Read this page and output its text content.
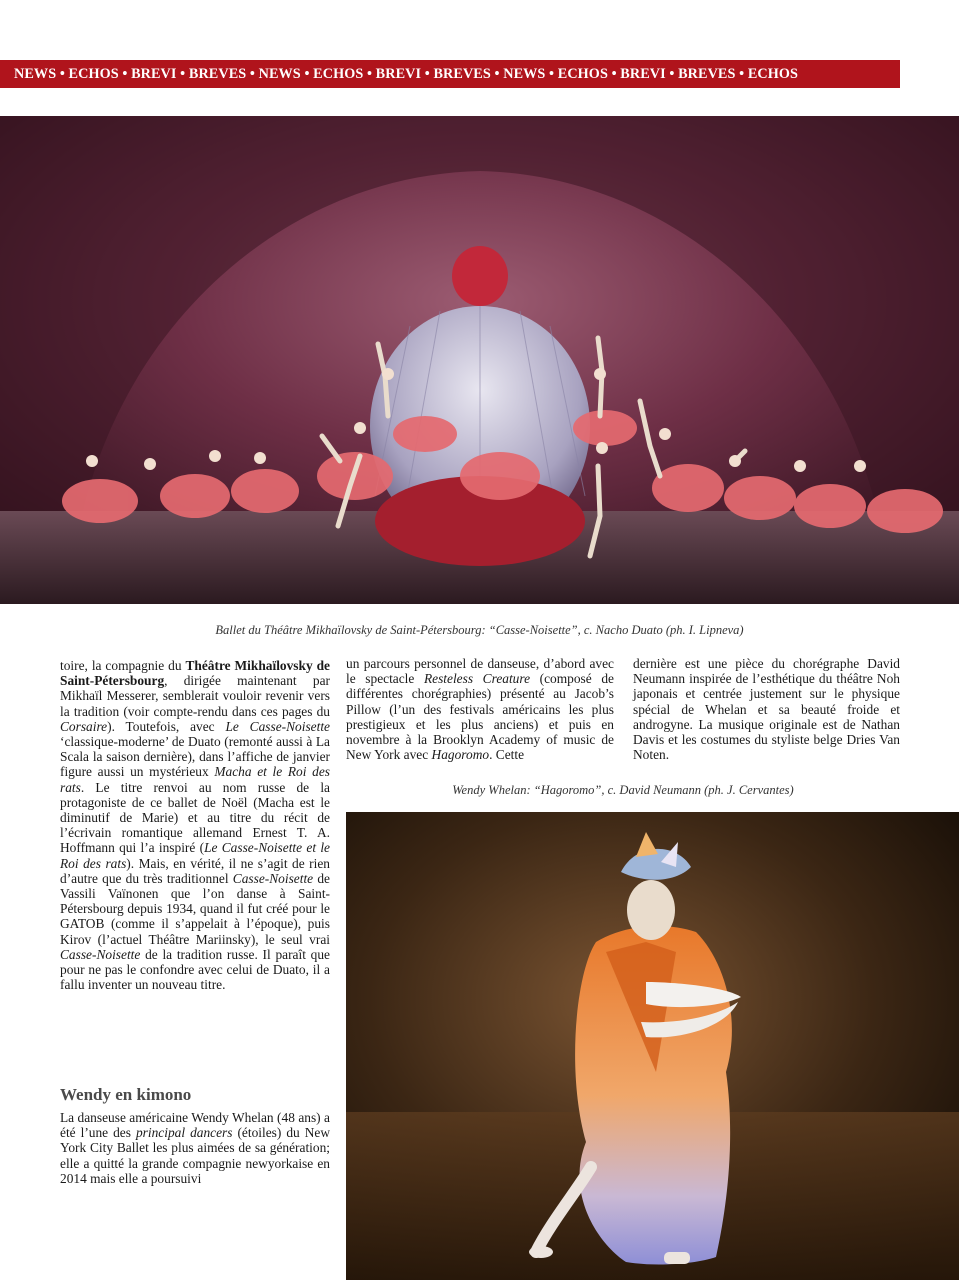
NEWS • ECHOS • BREVI • BREVES • NEWS • ECHOS • BREVI • BREVES • NEWS • ECHOS • BREVI • BREVES • ECHOS
Ballet du Théâtre Mikhaïlovsky de Saint-Pétersbourg: “Casse-Noisette”, c. Nacho Duato (ph. I. Lipneva)

toire, la compagnie du Théâtre Mikhaïlovsky de Saint-Pétersbourg, dirigée maintenant par Mikhaïl Messerer, semblerait vouloir revenir vers la tradition (voir compte-rendu dans ces pages du Corsaire). Toutefois, avec Le Casse-Noisette ‘classique-moderne’ de Duato (remonté aussi à La Scala la saison dernière), dans l’affiche de janvier figure aussi un mystérieux Macha et le Roi des rats. Le titre renvoi au nom russe de la protagoniste de ce ballet de Noël (Macha est le diminutif de Marie) et au titre du récit de l’écrivain romantique allemand Ernest T. A. Hoffmann qui l’a inspiré (Le Casse-Noisette et le Roi des rats). Mais, en vérité, il ne s’agit de rien d’autre que du très traditionnel Casse-Noisette de Vassili Vaïnonen que l’on danse à Saint-Pétersbourg depuis 1934, quand il fut créé pour le GATOB (comme il s’appelait à l’époque), puis Kirov (l’actuel Théâtre Mariinsky), le seul vrai Casse-Noisette de la tradition russe. Il paraît que pour ne pas le confondre avec celui de Duato, il a fallu inventer un nouveau titre.

Wendy en kimono

La danseuse américaine Wendy Whelan (48 ans) a été l’une des principal dancers (étoiles) du New York City Ballet les plus aimées de sa génération; elle a quitté la grande compagnie newyorkaise en 2014 mais elle a poursuivi

un parcours personnel de danseuse, d’abord avec le spectacle Resteless Creature (composé de différentes chorégraphies) présenté au Jacob’s Pillow (l’un des festivals américains les plus prestigieux et les plus anciens) et puis en novembre à la Brooklyn Academy of music de New York avec Hagoromo. Cette

dernière est une pièce du chorégraphe David Neumann inspirée de l’esthétique du théâtre Noh japonais et centrée justement sur le physique spécial de Whelan et sa beauté froide et androgyne. La musique originale est de Nathan Davis et les costumes du styliste belge Dries Van Noten.

Wendy Whelan: “Hagoromo”, c. David Neumann (ph. J. Cervantes)
